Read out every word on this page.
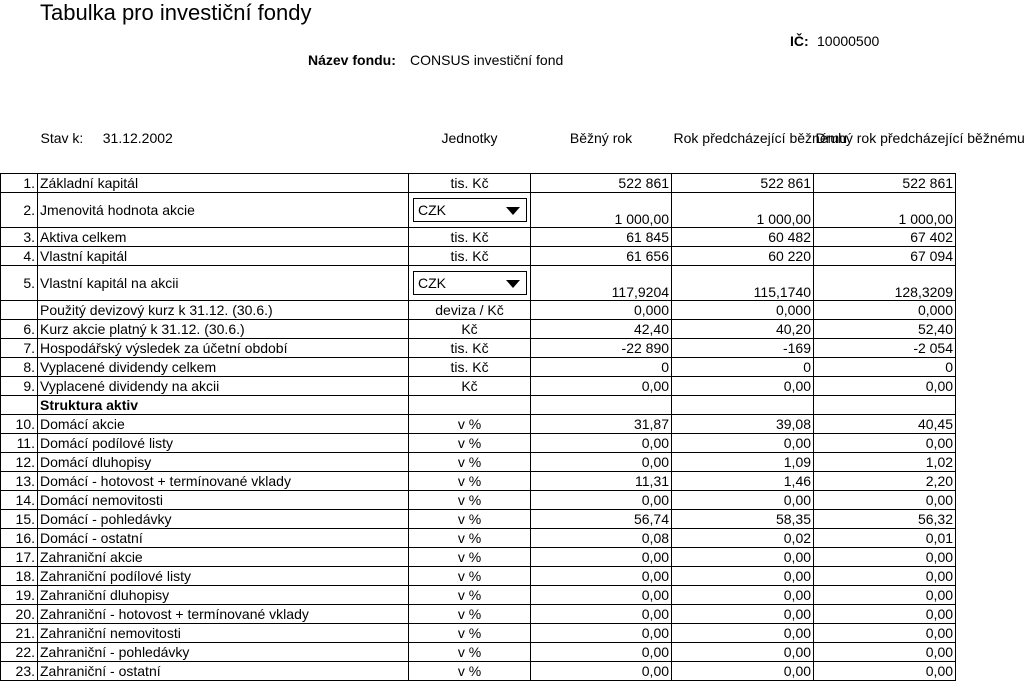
Tabulka pro investiční fondy
Název fondu: CONSUS investiční fond
IČ: 10000500
Stav k: 31.12.2002		Jednotky	Běžný rok	Rok předcházející běžnému	Druhý rok předcházející běžnému
1.	Základní kapitál	tis. Kč	522 861	522 861	522 861
2.	Jmenovitá hodnota akcie	CZK	1 000,00	1 000,00	1 000,00
3.	Aktiva celkem	tis. Kč	61 845	60 482	67 402
4.	Vlastní kapitál	tis. Kč	61 656	60 220	67 094
5.	Vlastní kapitál na akcii	CZK	117,9204	115,1740	128,3209
	Použitý devizový kurz k 31.12. (30.6.)	deviza / Kč	0,000	0,000	0,000
6.	Kurz akcie platný k 31.12. (30.6.)	Kč	42,40	40,20	52,40
7.	Hospodářský výsledek za účetní období	tis. Kč	-22 890	-169	-2 054
8.	Vyplacené dividendy celkem	tis. Kč	0	0	0
9.	Vyplacené dividendy na akcii	Kč	0,00	0,00	0,00
	Struktura aktiv				
10.	Domácí akcie	v %	31,87	39,08	40,45
11.	Domácí podílové listy	v %	0,00	0,00	0,00
12.	Domácí dluhopisy	v %	0,00	1,09	1,02
13.	Domácí - hotovost + termínované vklady	v %	11,31	1,46	2,20
14.	Domácí nemovitosti	v %	0,00	0,00	0,00
15.	Domácí - pohledávky	v %	56,74	58,35	56,32
16.	Domácí - ostatní	v %	0,08	0,02	0,01
17.	Zahraniční akcie	v %	0,00	0,00	0,00
18.	Zahraniční podílové listy	v %	0,00	0,00	0,00
19.	Zahraniční dluhopisy	v %	0,00	0,00	0,00
20.	Zahraniční - hotovost + termínované vklady	v %	0,00	0,00	0,00
21.	Zahraniční nemovitosti	v %	0,00	0,00	0,00
22.	Zahraniční - pohledávky	v %	0,00	0,00	0,00
23.	Zahraniční - ostatní	v %	0,00	0,00	0,00
